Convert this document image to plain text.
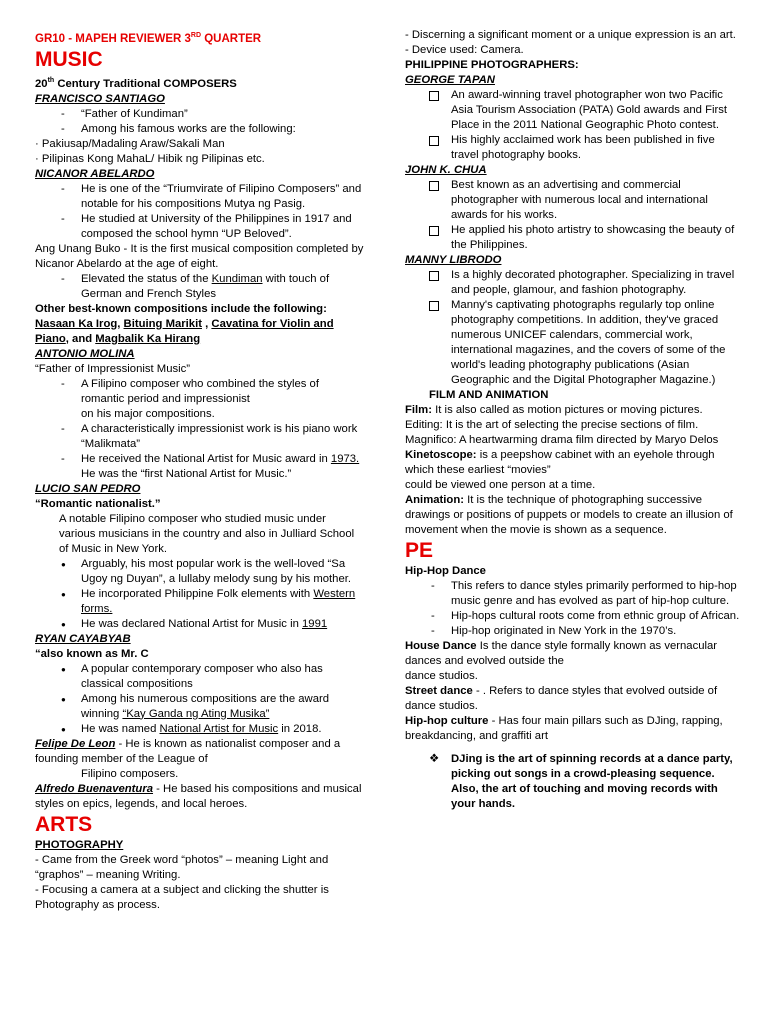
GR10 - MAPEH REVIEWER 3RD QUARTER
MUSIC
20th Century Traditional COMPOSERS
FRANCISCO SANTIAGO
- “Father of Kundiman”
- Among his famous works are the following:
· Pakiusap/Madaling Araw/Sakali Man
· Pilipinas Kong MahaL/ Hibik ng Pilipinas etc.
NICANOR ABELARDO
- He is one of the “Triumvirate of Filipino Composers” and notable for his compositions Mutya ng Pasig.
- He studied at University of the Philippines in 1917 and composed the school hymn “UP Beloved”.
Ang Unang Buko - It is the first musical composition completed by Nicanor Abelardo at the age of eight.
- Elevated the status of the Kundiman with touch of German and French Styles
Other best-known compositions include the following:
Nasaan Ka Irog, Bituing Marikit , Cavatina for Violin and Piano, and Magbalik Ka Hirang
ANTONIO MOLINA
“Father of Impressionist Music”
- A Filipino composer who combined the styles of romantic period and impressionist
on his major compositions.
- A characteristically impressionist work is his piano work “Malikmata”
- He received the National Artist for Music award in 1973. He was the “first National Artist for Music.”
LUCIO SAN PEDRO
“Romantic nationalist.”
A notable Filipino composer who studied music under various musicians in the country and also in Julliard School of Music in New York.
● Arguably, his most popular work is the well-loved “Sa Ugoy ng Duyan”, a lullaby melody sung by his mother.
● He incorporated Philippine Folk elements with Western forms.
● He was declared National Artist for Music in 1991
RYAN CAYABYAB
“also known as Mr. C
● A popular contemporary composer who also has classical compositions
● Among his numerous compositions are the award winning “Kay Ganda ng Ating Musika”
● He was named National Artist for Music in 2018.
Felipe De Leon - He is known as nationalist composer and a founding member of the League of
Filipino composers.
Alfredo Buenaventura - He based his compositions and musical styles on epics, legends, and local heroes.
ARTS
PHOTOGRAPHY
- Came from the Greek word “photos” – meaning Light and “graphos” – meaning Writing.
- Focusing a camera at a subject and clicking the shutter is Photography as process.
- Discerning a significant moment or a unique expression is an art.
- Device used: Camera.
PHILIPPINE PHOTOGRAPHERS:
GEORGE TAPAN
An award-winning travel photographer won two Pacific Asia Tourism Association (PATA) Gold awards and First Place in the 2011 National Geographic Photo contest.
His highly acclaimed work has been published in five travel photography books.
JOHN K. CHUA
Best known as an advertising and commercial photographer with numerous local and international awards for his works.
He applied his photo artistry to showcasing the beauty of the Philippines.
MANNY LIBRODO
Is a highly decorated photographer. Specializing in travel and people, glamour, and fashion photography.
Manny's captivating photographs regularly top online photography competitions. In addition, they've graced numerous UNICEF calendars, commercial work, international magazines, and the covers of some of the world's leading photography publications (Asian Geographic and the Digital Photographer Magazine.)
FILM AND ANIMATION
Film: It is also called as motion pictures or moving pictures.
Editing: It is the art of selecting the precise sections of film.
Magnifico: A heartwarming drama film directed by Maryo Delos
Kinetoscope: is a peepshow cabinet with an eyehole through which these earliest “movies”
could be viewed one person at a time.
Animation: It is the technique of photographing successive drawings or positions of puppets or models to create an illusion of movement when the movie is shown as a sequence.
PE
Hip-Hop Dance
- This refers to dance styles primarily performed to hip-hop music genre and has evolved as part of hip-hop culture.
- Hip-hops cultural roots come from ethnic group of African.
- Hip-hop originated in New York in the 1970’s.
House Dance Is the dance style formally known as vernacular dances and evolved outside the
dance studios.
Street dance - . Refers to dance styles that evolved outside of dance studios.
Hip-hop culture - Has four main pillars such as DJing, rapping, breakdancing, and graffiti art
❖ DJing is the art of spinning records at a dance party, picking out songs in a crowd-pleasing sequence. Also, the art of touching and moving records with your hands.
